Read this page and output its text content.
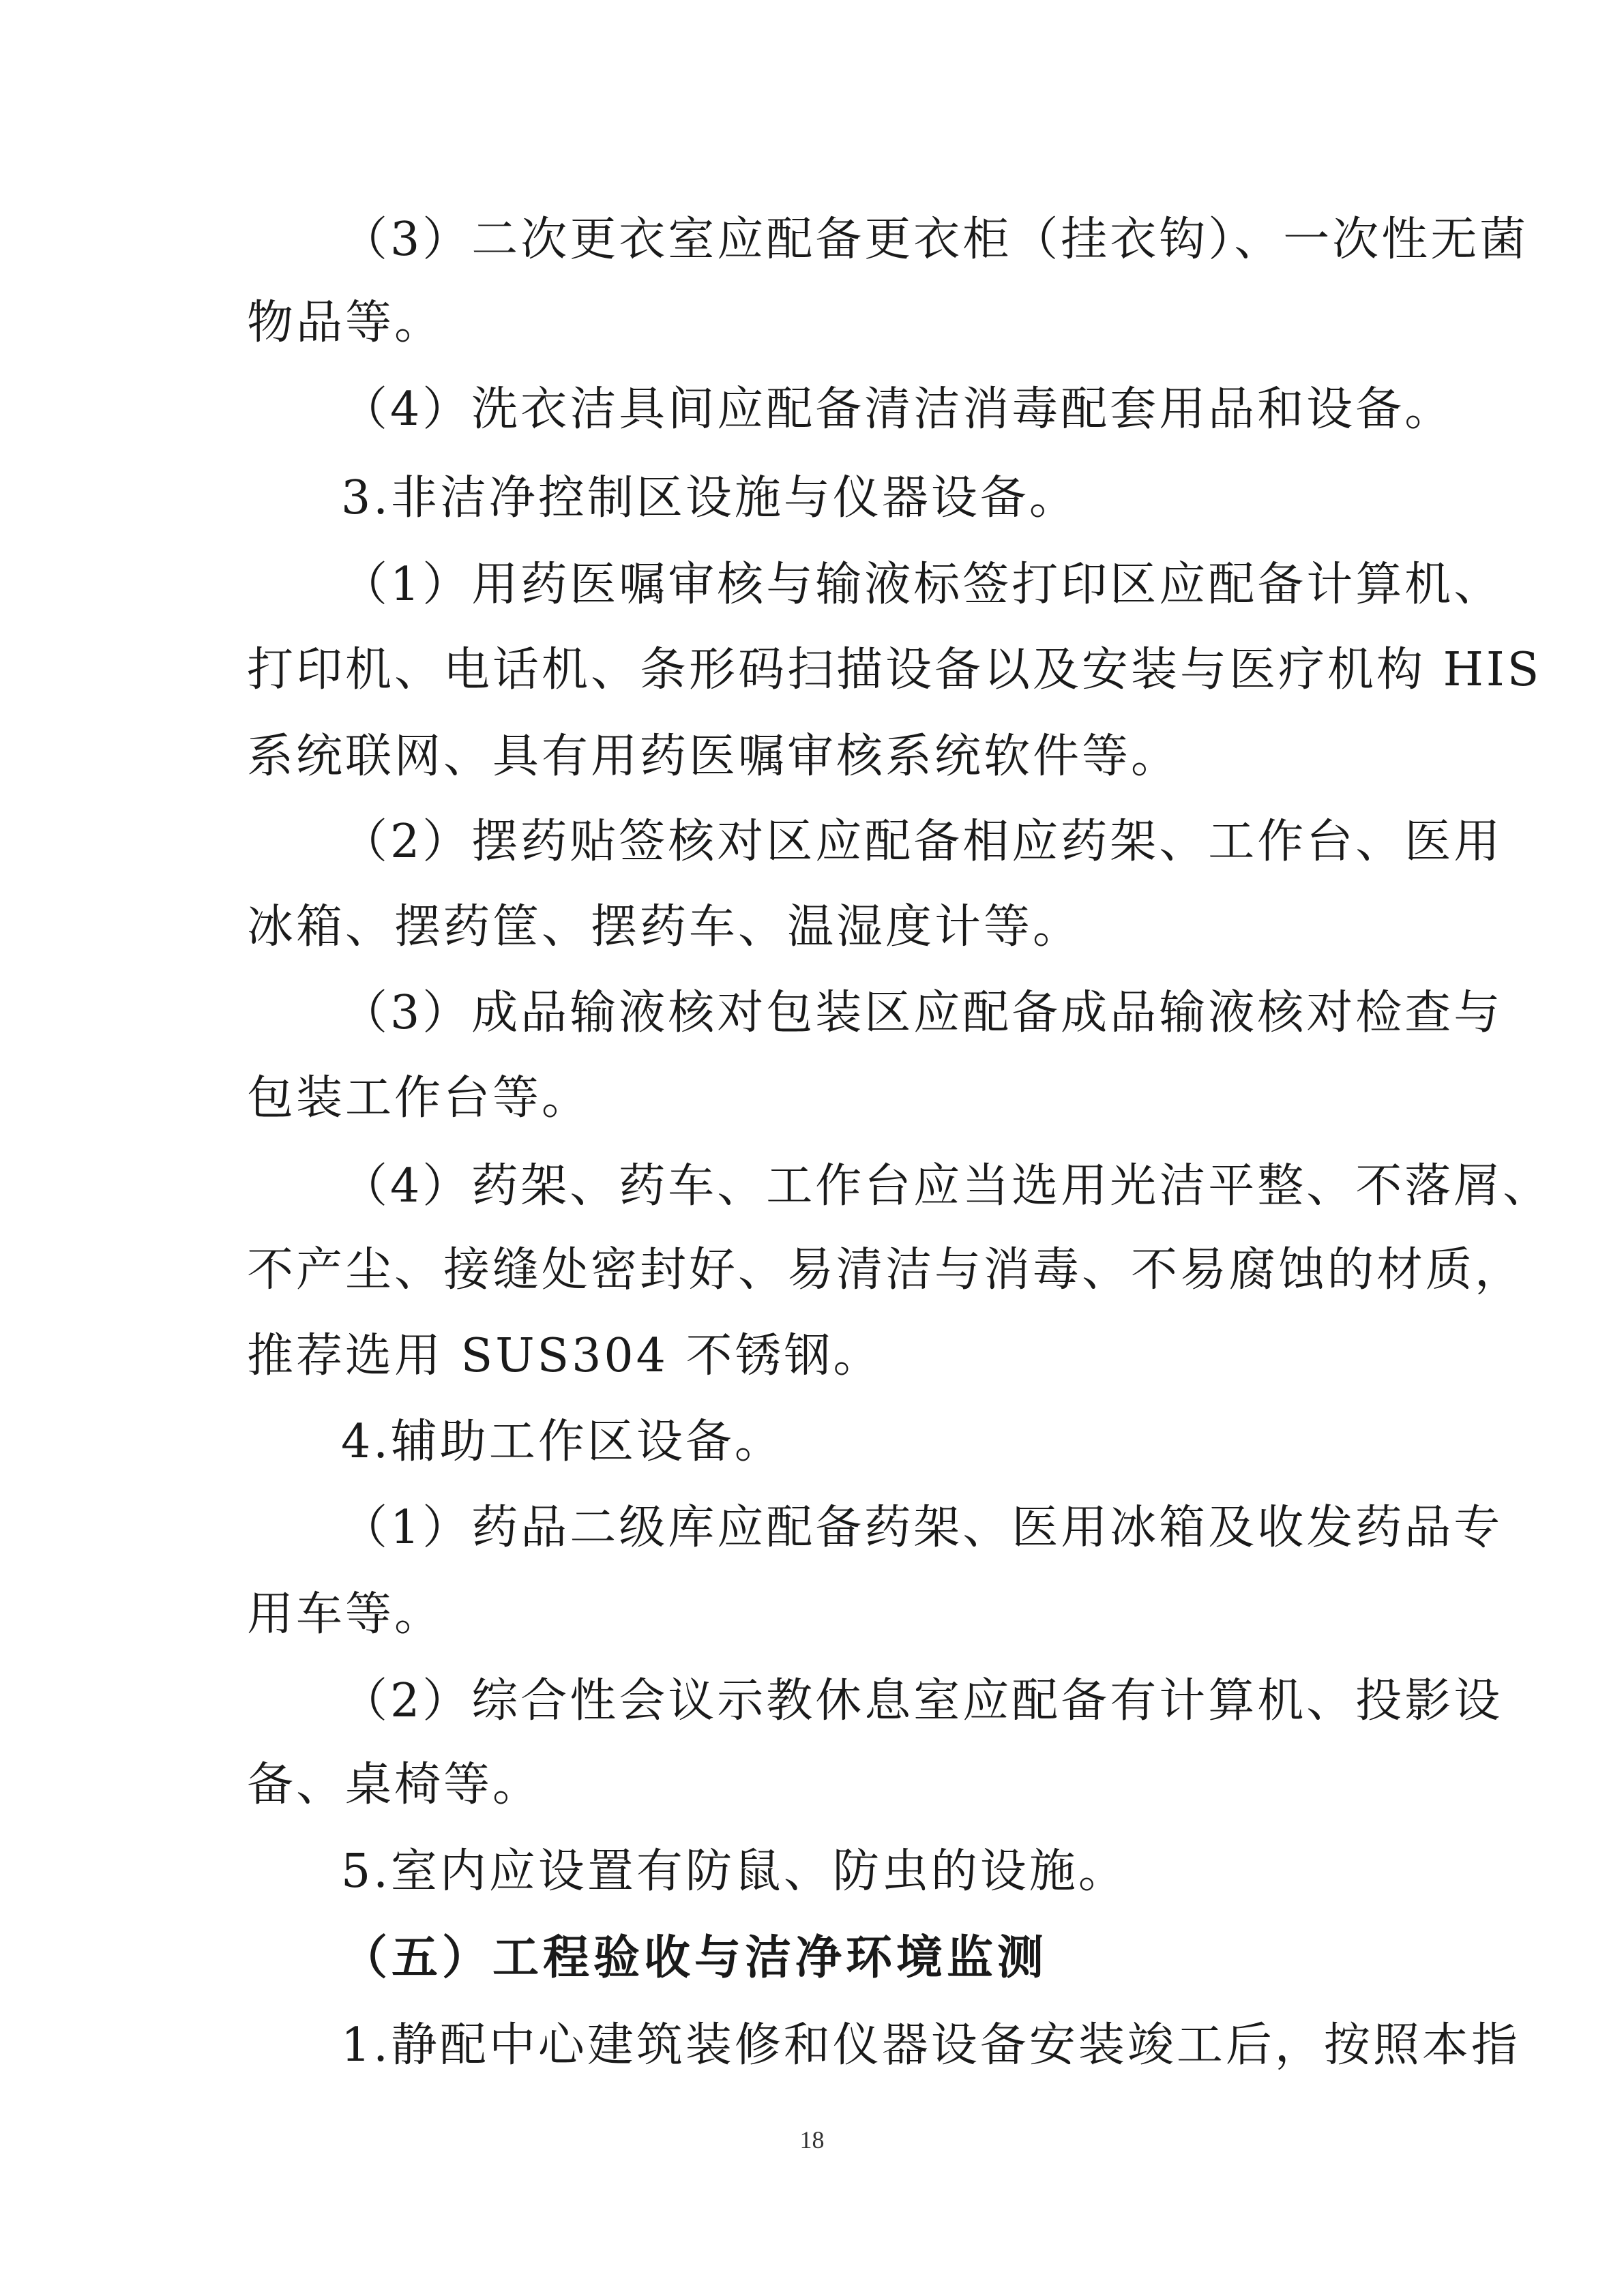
（3）二次更衣室应配备更衣柜（挂衣钩）、一次性无菌
物品等。
（4）洗衣洁具间应配备清洁消毒配套用品和设备。
3.非洁净控制区设施与仪器设备。
（1）用药医嘱审核与输液标签打印区应配备计算机、
打印机、电话机、条形码扫描设备以及安装与医疗机构 HIS
系统联网、具有用药医嘱审核系统软件等。
（2）摆药贴签核对区应配备相应药架、工作台、医用
冰箱、摆药筐、摆药车、温湿度计等。
（3）成品输液核对包装区应配备成品输液核对检查与
包装工作台等。
（4）药架、药车、工作台应当选用光洁平整、不落屑、
不产尘、接缝处密封好、易清洁与消毒、不易腐蚀的材质，
推荐选用 SUS304 不锈钢。
4.辅助工作区设备。
（1）药品二级库应配备药架、医用冰箱及收发药品专
用车等。
（2）综合性会议示教休息室应配备有计算机、投影设
备、桌椅等。
5.室内应设置有防鼠、防虫的设施。
（五）工程验收与洁净环境监测
1.静配中心建筑装修和仪器设备安装竣工后，按照本指
18
